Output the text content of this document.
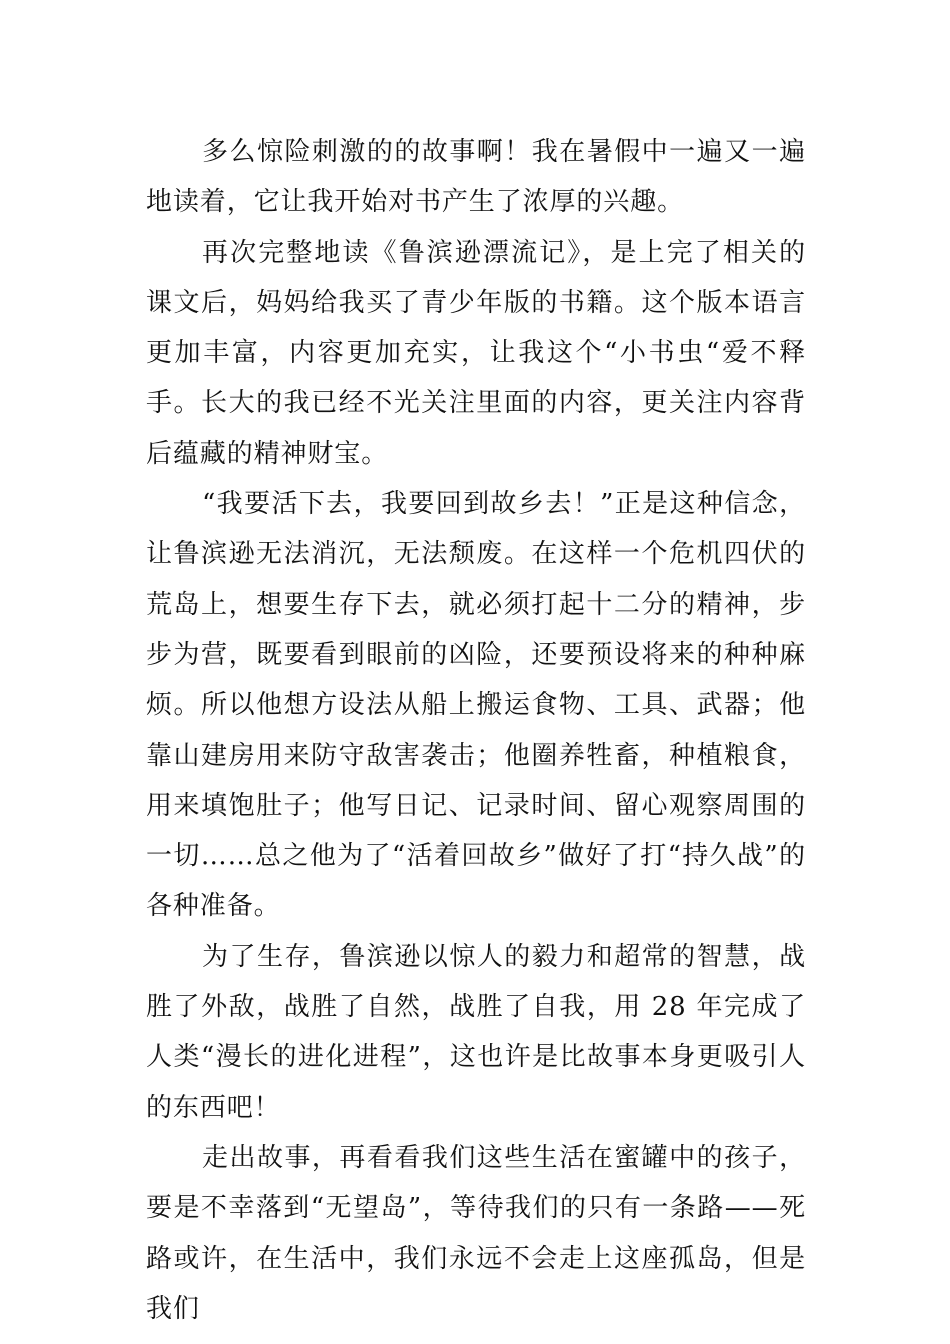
多么惊险刺激的的故事啊！我在暑假中一遍又一遍地读着，它让我开始对书产生了浓厚的兴趣。

再次完整地读《鲁滨逊漂流记》，是上完了相关的课文后，妈妈给我买了青少年版的书籍。这个版本语言更加丰富，内容更加充实，让我这个“小书虫“爱不释手。长大的我已经不光关注里面的内容，更关注内容背后蕴藏的精神财宝。

“我要活下去，我要回到故乡去！”正是这种信念，让鲁滨逊无法消沉，无法颓废。在这样一个危机四伏的荒岛上，想要生存下去，就必须打起十二分的精神，步步为营，既要看到眼前的凶险，还要预设将来的种种麻烦。所以他想方设法从船上搬运食物、工具、武器；他靠山建房用来防守敌害袭击；他圈养牲畜，种植粮食，用来填饱肚子；他写日记、记录时间、留心观察周围的一切……总之他为了“活着回故乡”做好了打“持久战”的各种准备。

为了生存，鲁滨逊以惊人的毅力和超常的智慧，战胜了外敌，战胜了自然，战胜了自我，用 28 年完成了人类“漫长的进化进程”，这也许是比故事本身更吸引人的东西吧！

走出故事，再看看我们这些生活在蜜罐中的孩子，要是不幸落到“无望岛”，等待我们的只有一条路——死路或许，在生活中，我们永远不会走上这座孤岛，但是我们
